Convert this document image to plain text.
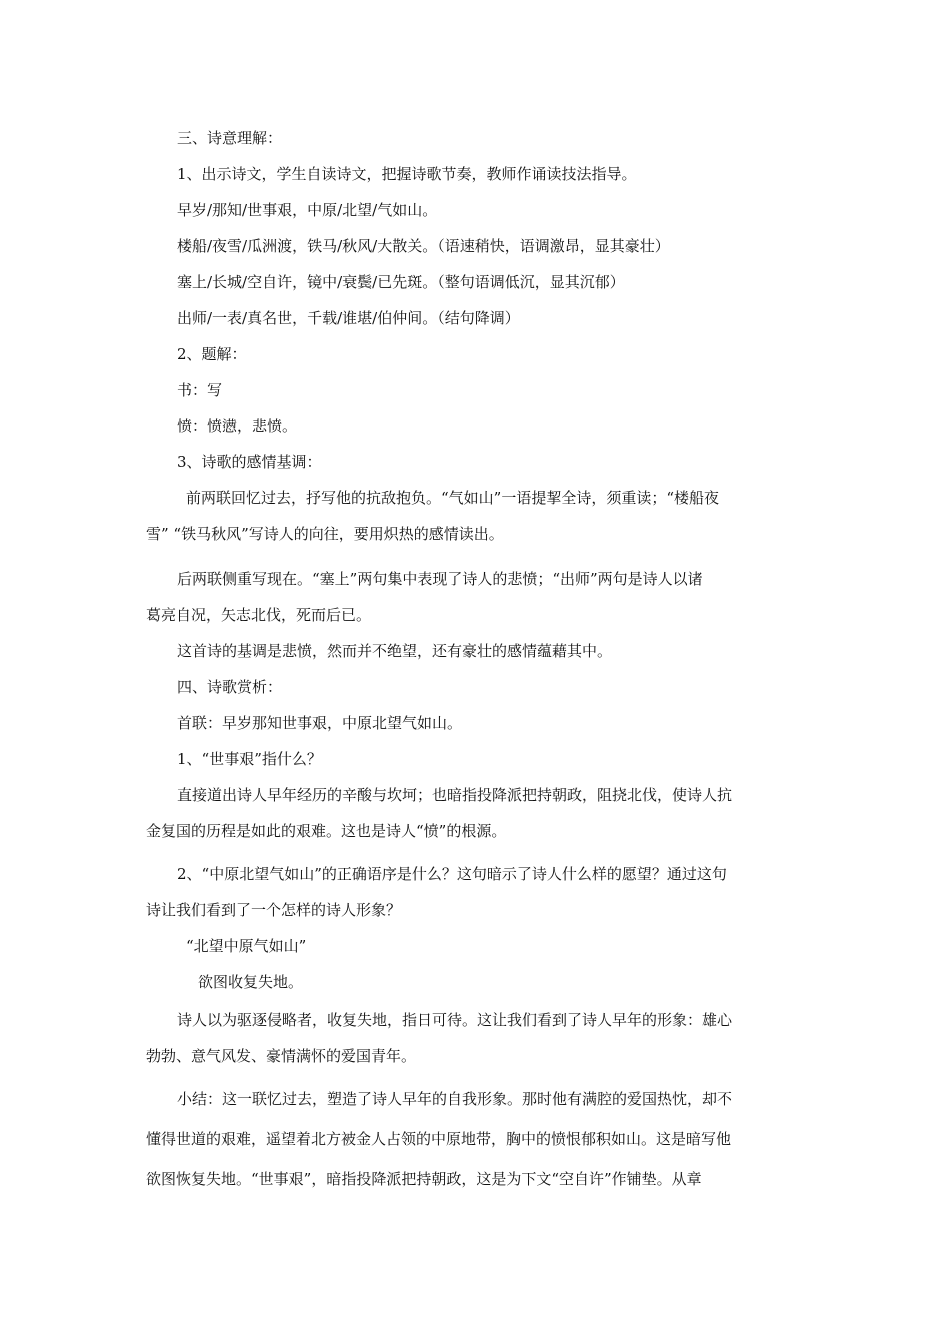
三、诗意理解：
1、出示诗文，学生自读诗文，把握诗歌节奏，教师作诵读技法指导。
早岁/那知/世事艰，中原/北望/气如山。
楼船/夜雪/瓜洲渡，铁马/秋风/大散关。（语速稍快，语调激昂，显其豪壮）
塞上/长城/空自许，镜中/衰鬓/已先斑。（整句语调低沉，显其沉郁）
出师/一表/真名世，千载/谁堪/伯仲间。（结句降调）
2、题解：
书：写
愤：愤懑，悲愤。
3、诗歌的感情基调：
前两联回忆过去，抒写他的抗敌抱负。“气如山”一语提挈全诗，须重读；“楼船夜
雪” “铁马秋风”写诗人的向往，要用炽热的感情读出。
后两联侧重写现在。“塞上”两句集中表现了诗人的悲愤；“出师”两句是诗人以诸
葛亮自况，矢志北伐，死而后已。
这首诗的基调是悲愤，然而并不绝望，还有豪壮的感情蕴藉其中。
四、诗歌赏析：
首联：早岁那知世事艰，中原北望气如山。
1、“世事艰”指什么？
直接道出诗人早年经历的辛酸与坎坷；也暗指投降派把持朝政，阻挠北伐，使诗人抗
金复国的历程是如此的艰难。这也是诗人“愤”的根源。
2、“中原北望气如山”的正确语序是什么？这句暗示了诗人什么样的愿望？通过这句
诗让我们看到了一个怎样的诗人形象？
“北望中原气如山”
欲图收复失地。
诗人以为驱逐侵略者，收复失地，指日可待。这让我们看到了诗人早年的形象：雄心
勃勃、意气风发、豪情满怀的爱国青年。
小结：这一联忆过去，塑造了诗人早年的自我形象。那时他有满腔的爱国热忱，却不
懂得世道的艰难，遥望着北方被金人占领的中原地带，胸中的愤恨郁积如山。这是暗写他
欲图恢复失地。“世事艰”，暗指投降派把持朝政，这是为下文“空自许”作铺垫。从章
